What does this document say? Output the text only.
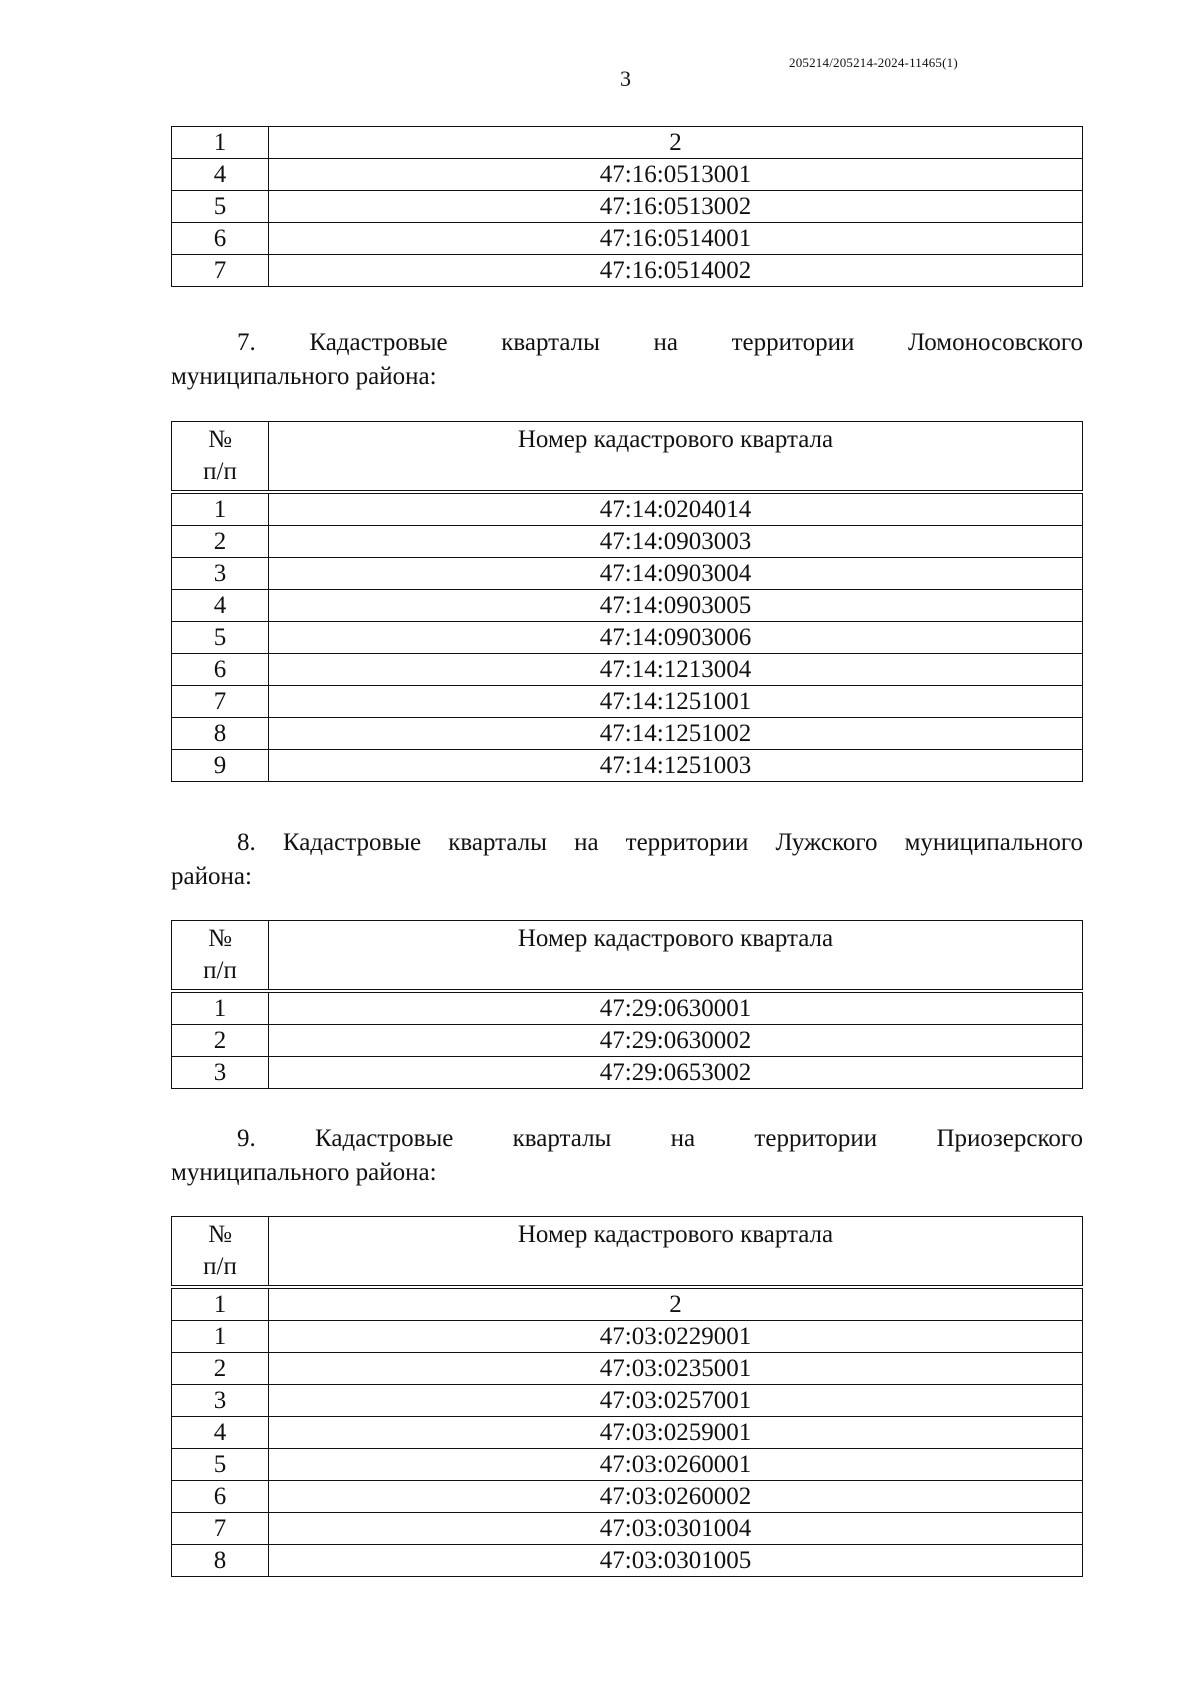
3
205214/205214-2024-11465(1)
1	2
4	47:16:0513001
5	47:16:0513002
6	47:16:0514001
7	47:16:0514002
7. Кадастровые кварталы на территории Ломоносовского
муниципального района:
№
п/п	Номер кадастрового квартала
1	47:14:0204014
2	47:14:0903003
3	47:14:0903004
4	47:14:0903005
5	47:14:0903006
6	47:14:1213004
7	47:14:1251001
8	47:14:1251002
9	47:14:1251003
8. Кадастровые кварталы на территории Лужского муниципального
района:
№
п/п	Номер кадастрового квартала
1	47:29:0630001
2	47:29:0630002
3	47:29:0653002
9. Кадастровые кварталы на территории Приозерского
муниципального района:
№
п/п	Номер кадастрового квартала
1	2
1	47:03:0229001
2	47:03:0235001
3	47:03:0257001
4	47:03:0259001
5	47:03:0260001
6	47:03:0260002
7	47:03:0301004
8	47:03:0301005
